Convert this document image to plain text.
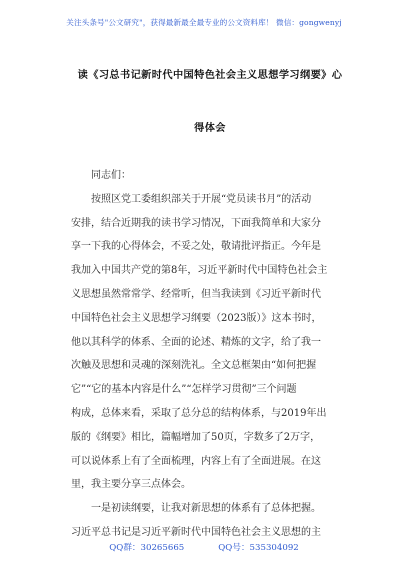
关注头条号"公文研究"，获得最新最全最专业的公文资料库！ 微信：gongwenyj
读《习总书记新时代中国特色社会主义思想学习纲要》心
得体会

同志们：

按照区党工委组织部关于开展“党员读书月”的活动

安排，结合近期我的读书学习情况，下面我简单和大家分

享一下我的心得体会，不妥之处，敬请批评指正。今年是

我加入中国共产党的第8年，习近平新时代中国特色社会主

义思想虽然常常学、经常听，但当我读到《习近平新时代

中国特色社会主义思想学习纲要（2023版）》这本书时，

他以其科学的体系、全面的论述、精炼的文字，给了我一

次触及思想和灵魂的深刻洗礼。全文总框架由“如何把握

它”“它的基本内容是什么”“怎样学习贯彻”三个问题

构成，总体来看，采取了总分总的结构体系，与2019年出

版的《纲要》相比，篇幅增加了50页，字数多了2万字，

可以说体系上有了全面梳理，内容上有了全面进展。在这

里，我主要分享三点体会。

一是初读纲要，让我对新思想的体系有了总体把握。

习近平总书记是习近平新时代中国特色社会主义思想的主

QQ群：30265665	QQ号：535304092
